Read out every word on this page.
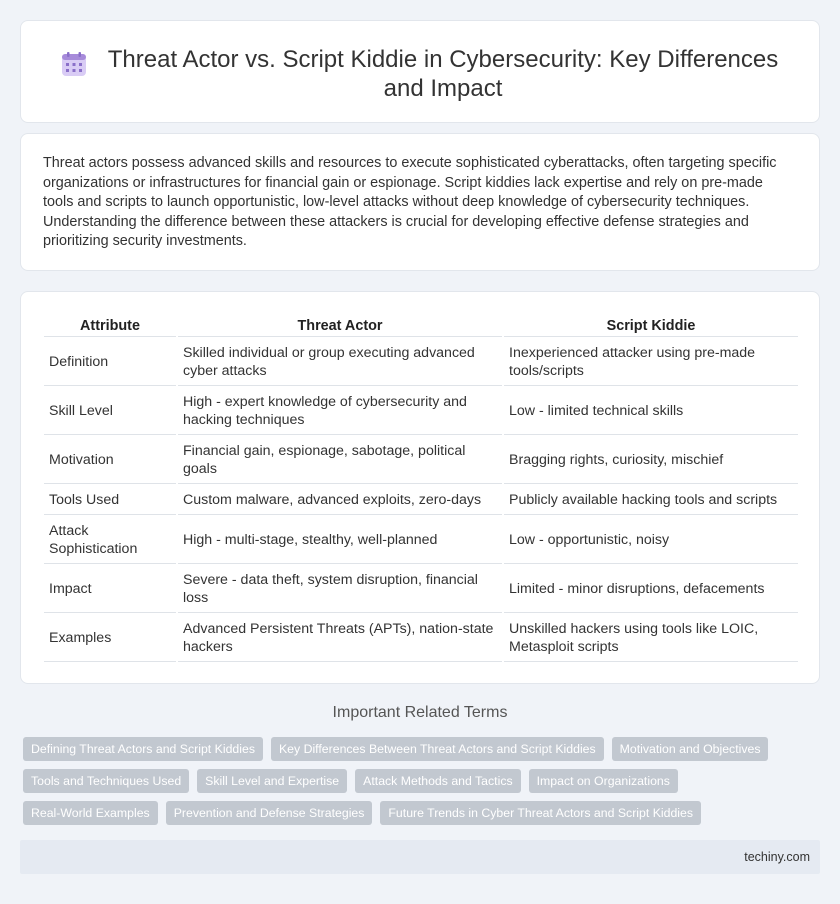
Threat Actor vs. Script Kiddie in Cybersecurity: Key Differences and Impact

Threat actors possess advanced skills and resources to execute sophisticated cyberattacks, often targeting specific organizations or infrastructures for financial gain or espionage. Script kiddies lack expertise and rely on pre-made tools and scripts to launch opportunistic, low-level attacks without deep knowledge of cybersecurity techniques. Understanding the difference between these attackers is crucial for developing effective defense strategies and prioritizing security investments.

Attribute	Threat Actor	Script Kiddie
Definition	Skilled individual or group executing advanced cyber attacks	Inexperienced attacker using pre-made tools/scripts
Skill Level	High - expert knowledge of cybersecurity and hacking techniques	Low - limited technical skills
Motivation	Financial gain, espionage, sabotage, political goals	Bragging rights, curiosity, mischief
Tools Used	Custom malware, advanced exploits, zero-days	Publicly available hacking tools and scripts
Attack Sophistication	High - multi-stage, stealthy, well-planned	Low - opportunistic, noisy
Impact	Severe - data theft, system disruption, financial loss	Limited - minor disruptions, defacements
Examples	Advanced Persistent Threats (APTs), nation-state hackers	Unskilled hackers using tools like LOIC, Metasploit scripts
Important Related Terms
Defining Threat Actors and Script Kiddies	Key Differences Between Threat Actors and Script Kiddies	Motivation and Objectives
Tools and Techniques Used	Skill Level and Expertise	Attack Methods and Tactics	Impact on Organizations
Real-World Examples	Prevention and Defense Strategies	Future Trends in Cyber Threat Actors and Script Kiddies
techiny.com
